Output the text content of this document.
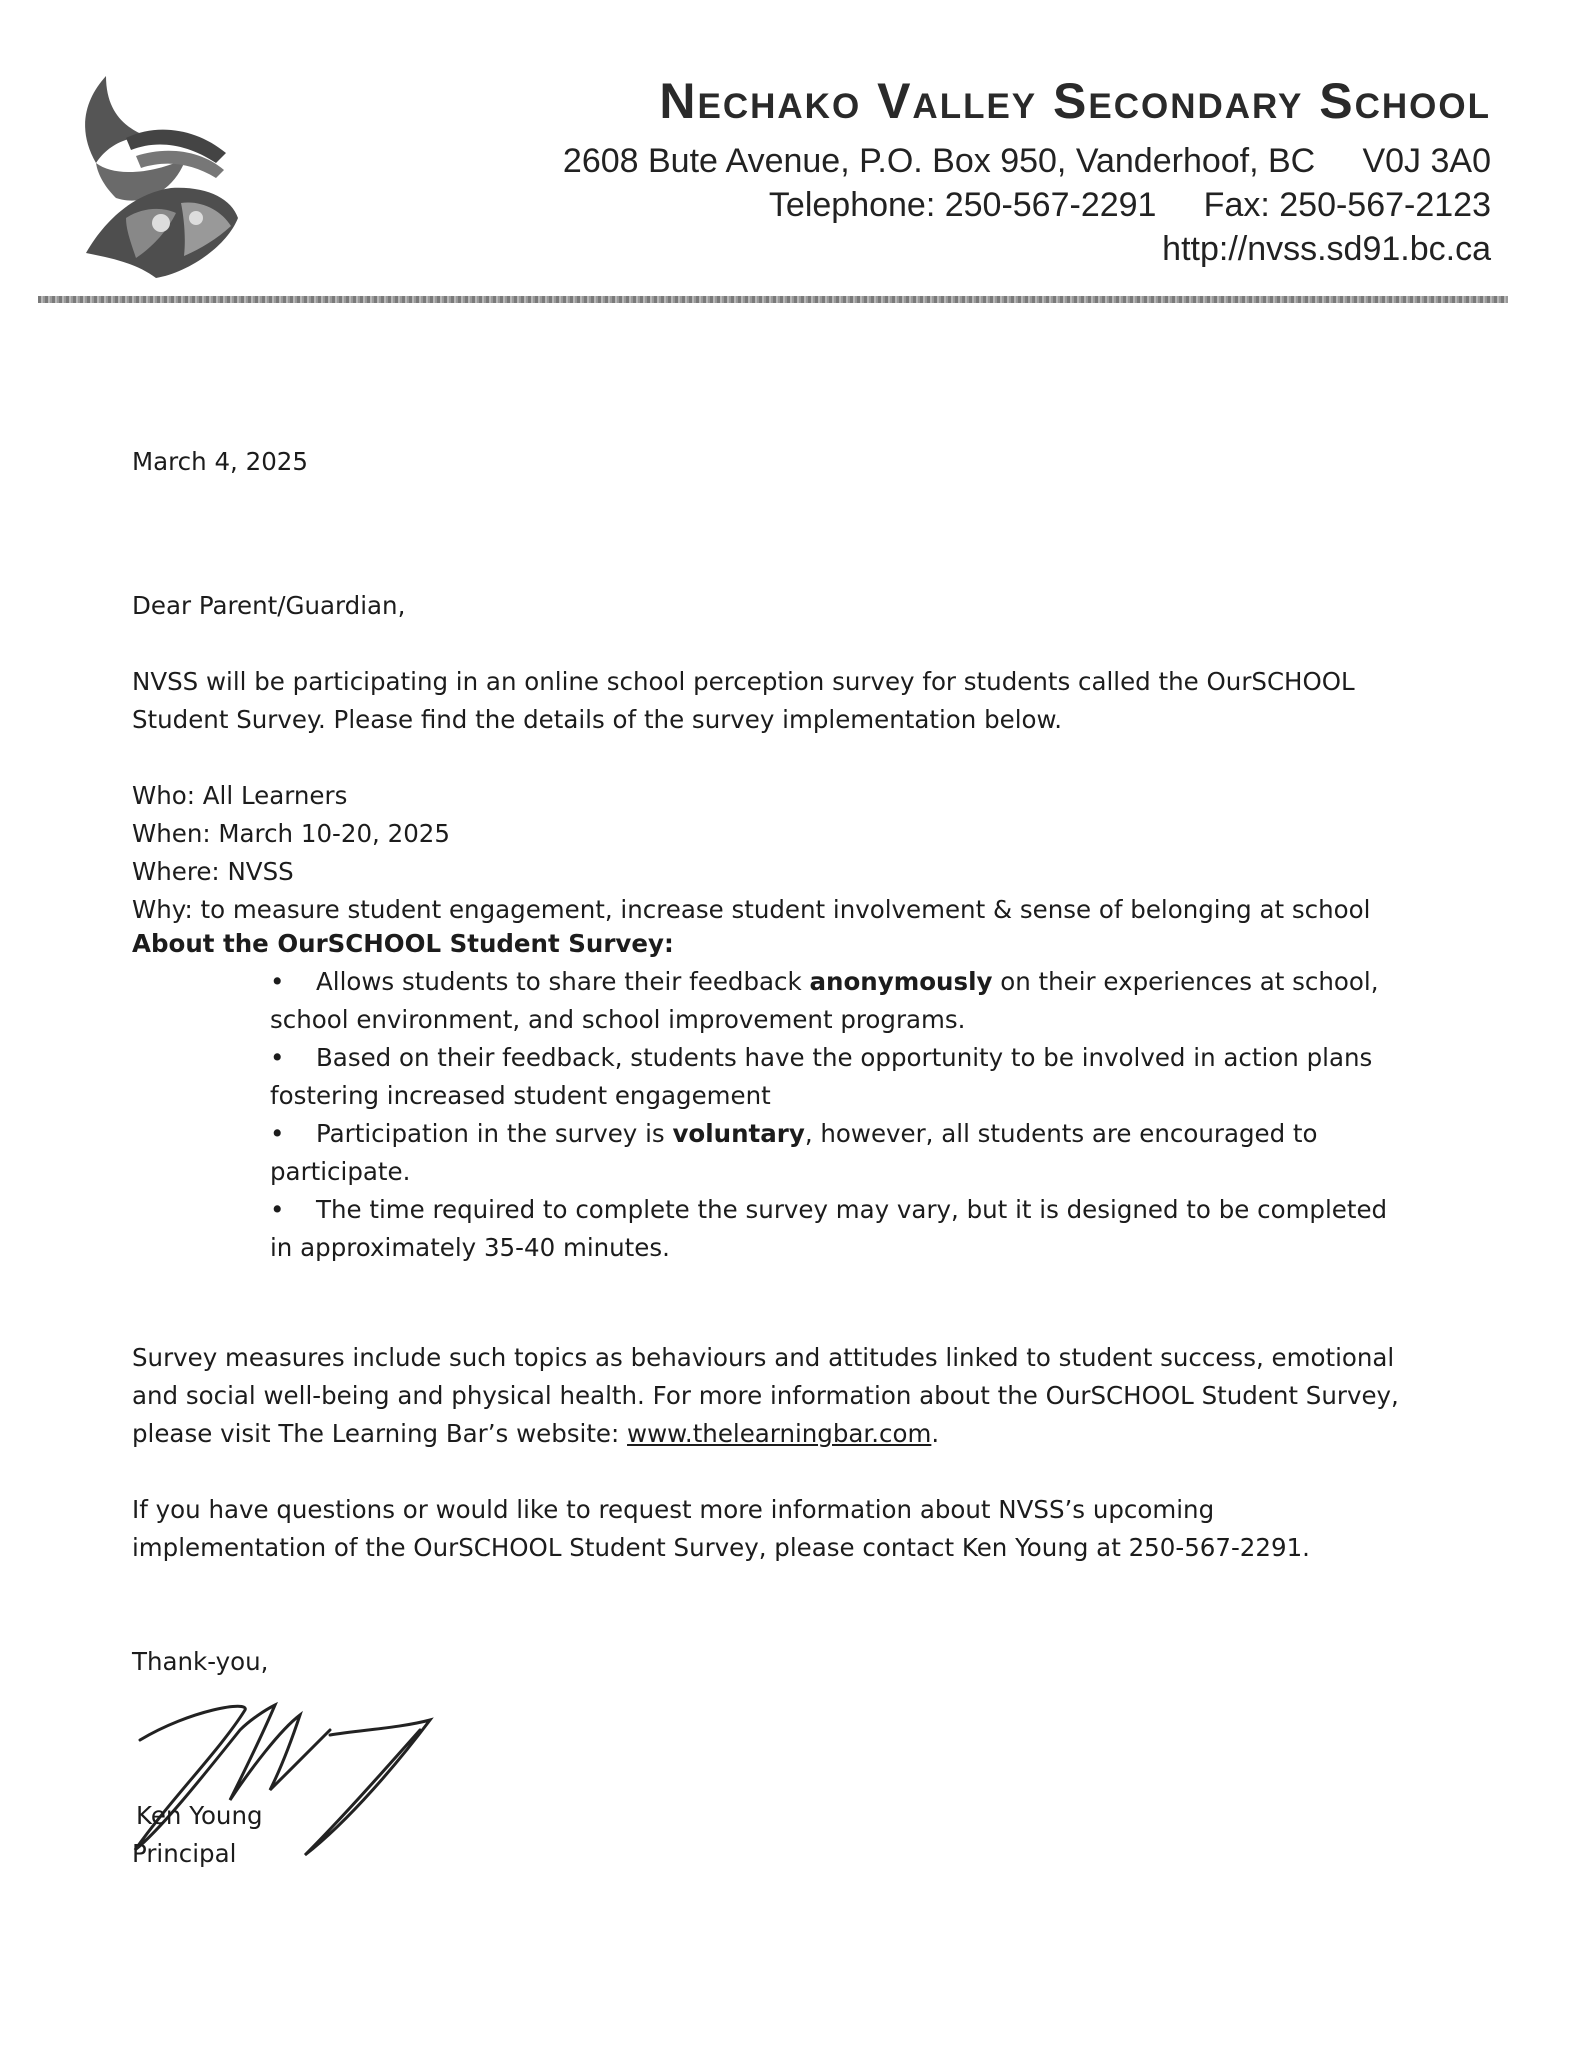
Nechako Valley Secondary School

2608 Bute Avenue, P.O. Box 950, Vanderhoof, BC     V0J 3A0

Telephone: 250-567-2291     Fax: 250-567-2123

http://nvss.sd91.bc.ca

March 4, 2025

Dear Parent/Guardian,

NVSS will be participating in an online school perception survey for students called the OurSCHOOL

Student Survey. Please find the details of the survey implementation below.

Who: All Learners

When: March 10-20, 2025

Where: NVSS

Why: to measure student engagement, increase student involvement & sense of belonging at school

About the OurSCHOOL Student Survey:

• Allows students to share their feedback anonymously on their experiences at school,
school environment, and school improvement programs.
• Based on their feedback, students have the opportunity to be involved in action plans
fostering increased student engagement
• Participation in the survey is voluntary, however, all students are encouraged to
participate.
• The time required to complete the survey may vary, but it is designed to be completed
in approximately 35-40 minutes.

Survey measures include such topics as behaviours and attitudes linked to student success, emotional

and social well-being and physical health. For more information about the OurSCHOOL Student Survey,

please visit The Learning Bar’s website: www.thelearningbar.com.

If you have questions or would like to request more information about NVSS’s upcoming

implementation of the OurSCHOOL Student Survey, please contact Ken Young at 250-567-2291.

Thank-you,

Ken Young

Principal
